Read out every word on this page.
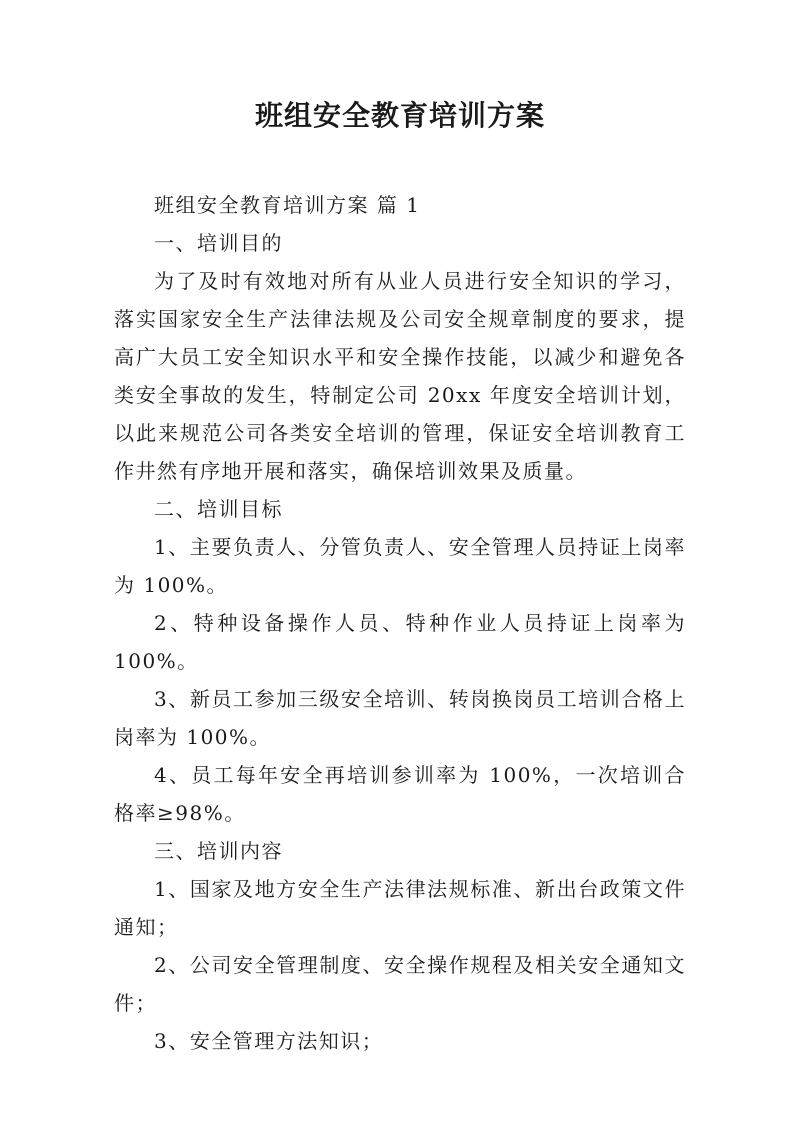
班组安全教育培训方案

班组安全教育培训方案 篇 1

一、培训目的

为了及时有效地对所有从业人员进行安全知识的学习，落实国家安全生产法律法规及公司安全规章制度的要求，提高广大员工安全知识水平和安全操作技能，以减少和避免各类安全事故的发生，特制定公司 20xx 年度安全培训计划，以此来规范公司各类安全培训的管理，保证安全培训教育工作井然有序地开展和落实，确保培训效果及质量。

二、培训目标

1、主要负责人、分管负责人、安全管理人员持证上岗率为 100%。

2、特种设备操作人员、特种作业人员持证上岗率为100%。

3、新员工参加三级安全培训、转岗换岗员工培训合格上岗率为 100%。

4、员工每年安全再培训参训率为 100%，一次培训合格率≥98%。

三、培训内容

1、国家及地方安全生产法律法规标准、新出台政策文件通知；

2、公司安全管理制度、安全操作规程及相关安全通知文件；

3、安全管理方法知识；
